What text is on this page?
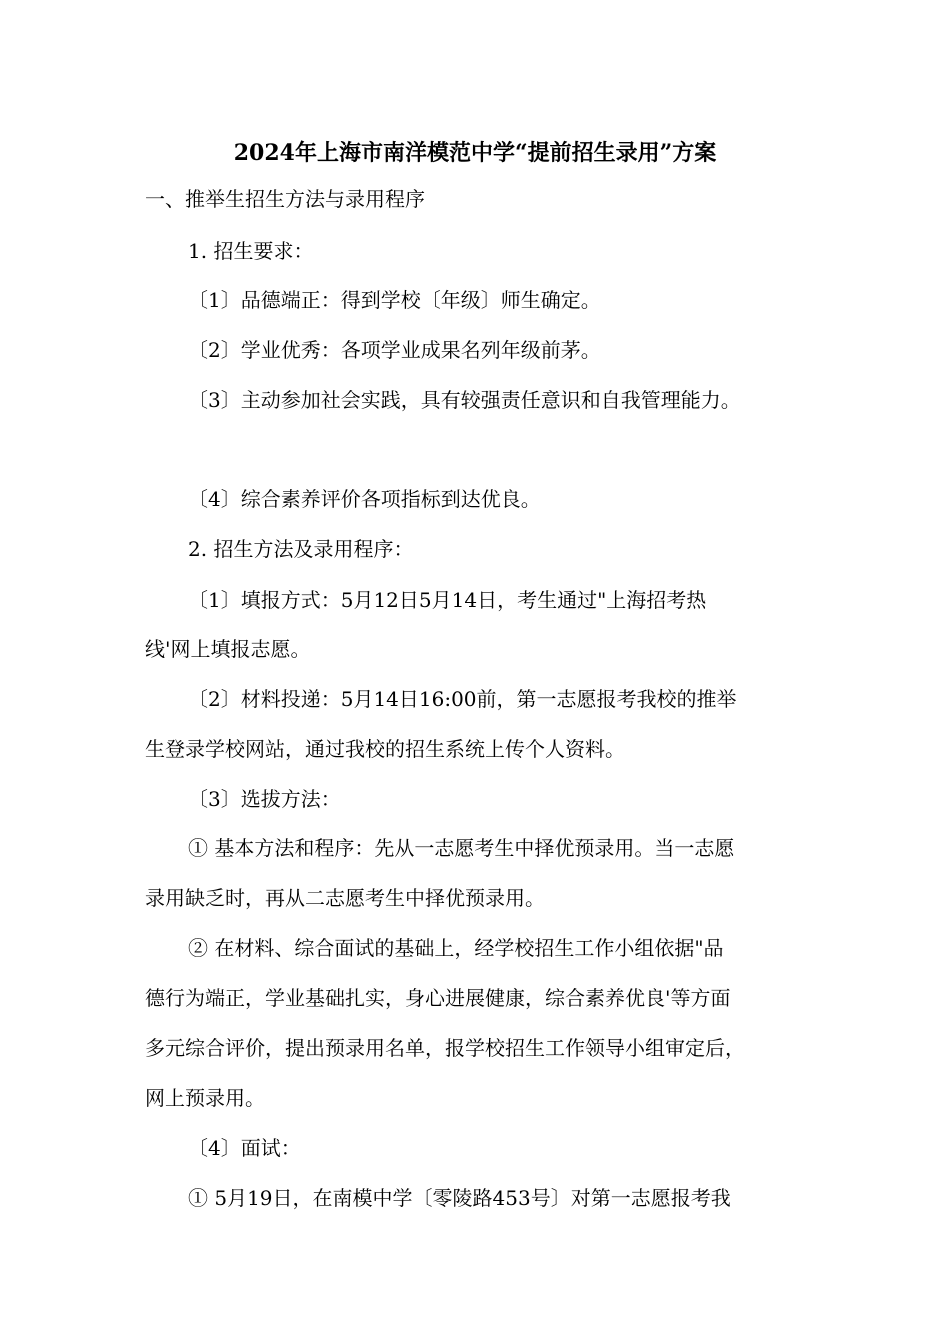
2024年上海市南洋模范中学“提前招生录用”方案
一、推举生招生方法与录用程序
1. 招生要求：
〔1〕品德端正：得到学校〔年级〕师生确定。
〔2〕学业优秀：各项学业成果名列年级前茅。
〔3〕主动参加社会实践，具有较强责任意识和自我管理能力。
〔4〕综合素养评价各项指标到达优良。
2. 招生方法及录用程序：
〔1〕填报方式：5月12日5月14日，考生通过"上海招考热
线'网上填报志愿。
〔2〕材料投递：5月14日16:00前，第一志愿报考我校的推举
生登录学校网站，通过我校的招生系统上传个人资料。
〔3〕选拔方法：
① 基本方法和程序：先从一志愿考生中择优预录用。当一志愿
录用缺乏时，再从二志愿考生中择优预录用。
② 在材料、综合面试的基础上，经学校招生工作小组依据"品
德行为端正，学业基础扎实，身心进展健康，综合素养优良'等方面
多元综合评价，提出预录用名单，报学校招生工作领导小组审定后，
网上预录用。
〔4〕面试：
① 5月19日，在南模中学〔零陵路453号〕对第一志愿报考我
